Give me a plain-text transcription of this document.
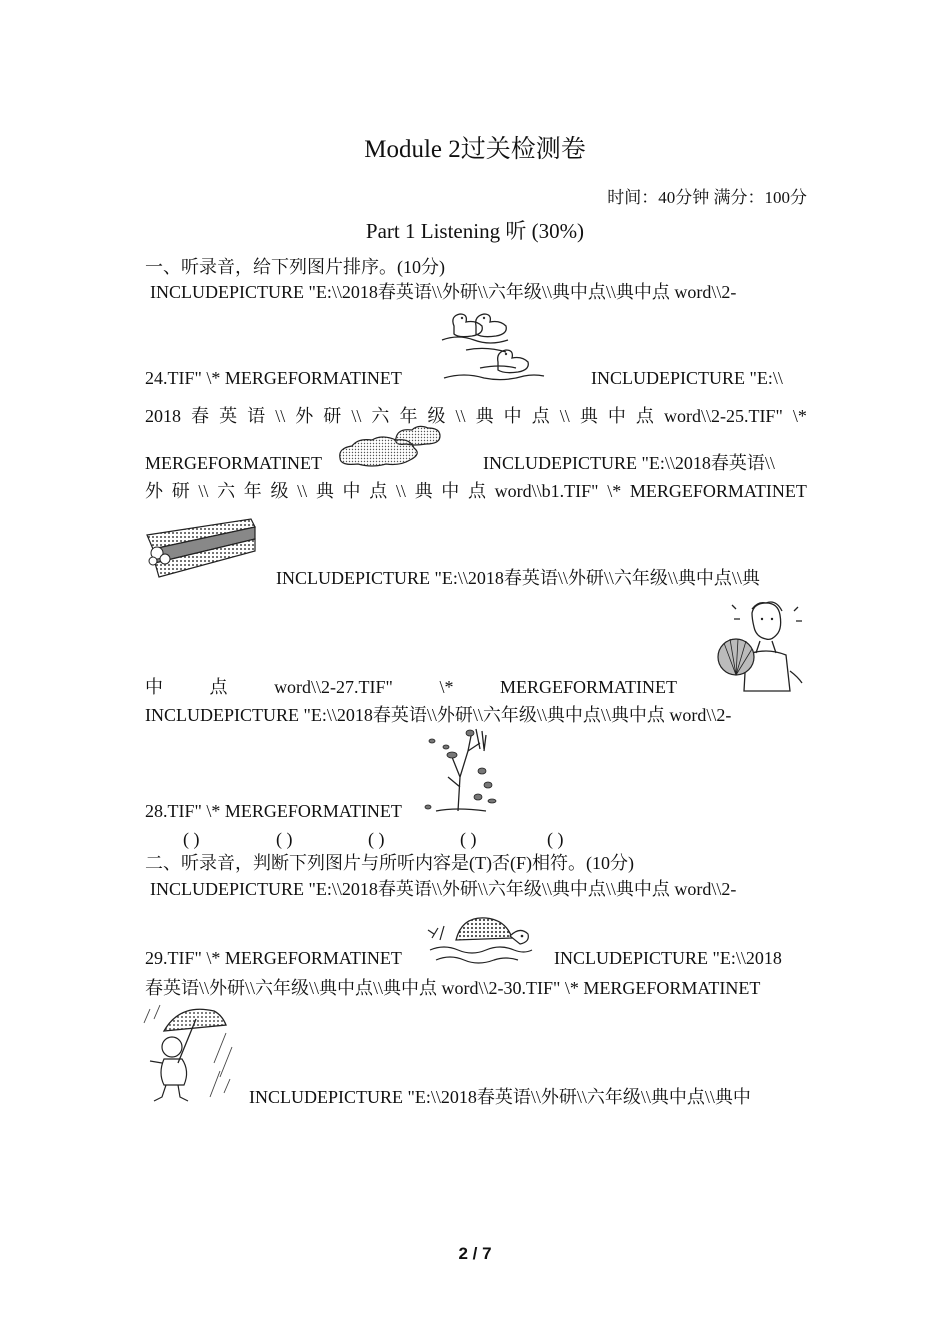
Module 2过关检测卷
时间：40分钟 满分：100分
Part 1 Listening 听 (30%)
一、听录音，给下列图片排序。(10分)
INCLUDEPICTURE "E:\\2018春英语\\外研\\六年级\\典中点\\典中点 word\\2-
24.TIF" \* MERGEFORMATINET	INCLUDEPICTURE "E:\\
2018 春 英 语 \\ 外 研 \\ 六 年 级 \\ 典 中 点 \\ 典 中 点 word\\2-25.TIF" \*
MERGEFORMATINET	INCLUDEPICTURE "E:\\2018春英语\\
外 研 \\ 六 年 级 \\ 典 中 点 \\ 典 中 点 word\\b1.TIF" \* MERGEFORMATINET
INCLUDEPICTURE "E:\\2018春英语\\外研\\六年级\\典中点\\典
中	点	word\\2-27.TIF"	\*	MERGEFORMATINET
INCLUDEPICTURE "E:\\2018春英语\\外研\\六年级\\典中点\\典中点 word\\2-
28.TIF" \* MERGEFORMATINET
( )	( )	( )	( )	( )
二、听录音，判断下列图片与所听内容是(T)否(F)相符。(10分)
INCLUDEPICTURE "E:\\2018春英语\\外研\\六年级\\典中点\\典中点 word\\2-
29.TIF" \* MERGEFORMATINET	INCLUDEPICTURE "E:\\2018
春英语\\外研\\六年级\\典中点\\典中点 word\\2-30.TIF" \* MERGEFORMATINET
INCLUDEPICTURE "E:\\2018春英语\\外研\\六年级\\典中点\\典中
2 / 7
